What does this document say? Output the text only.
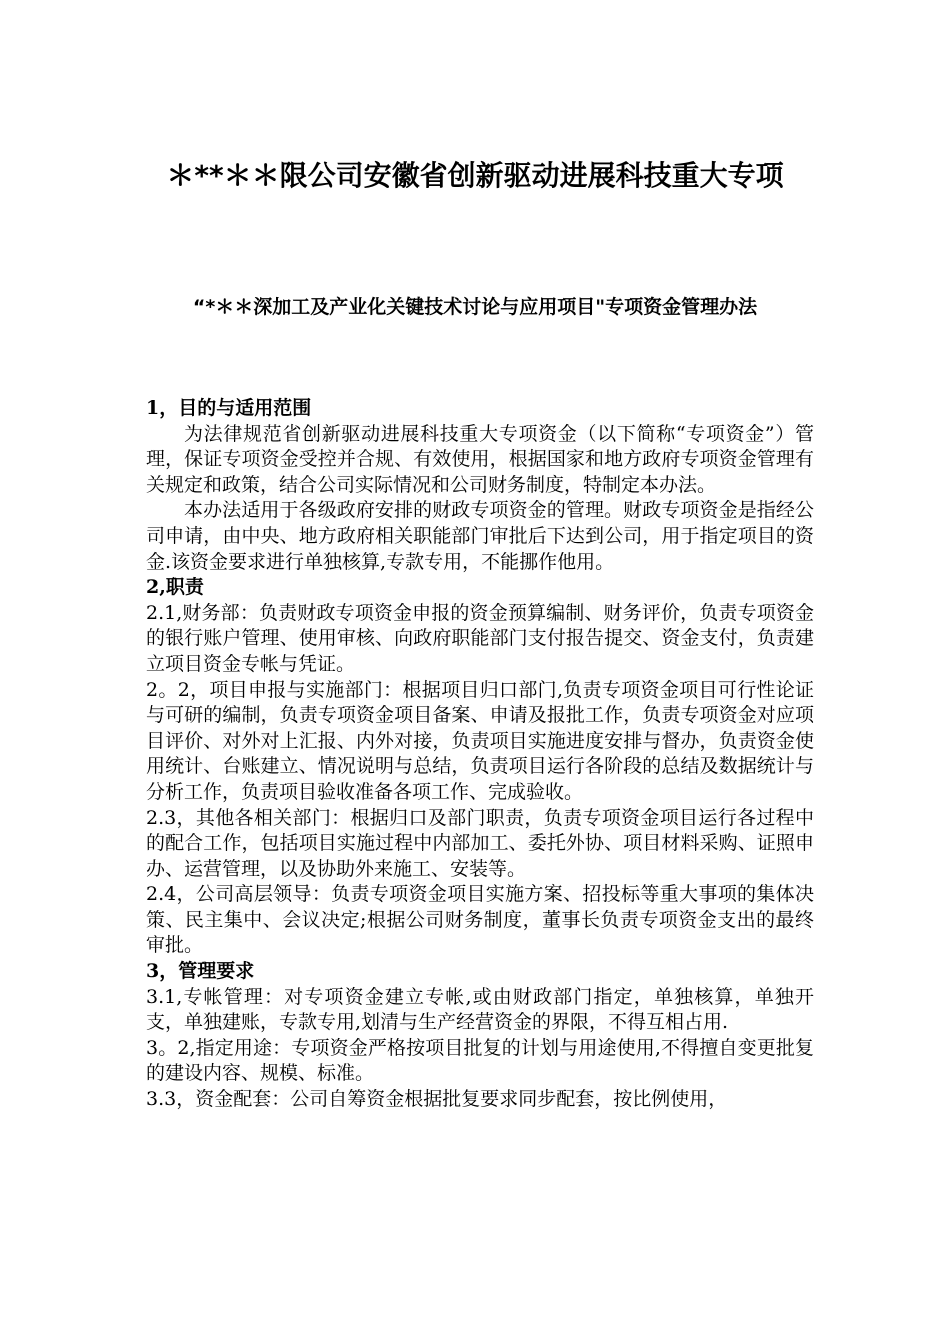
＊**＊＊限公司安徽省创新驱动进展科技重大专项
“*＊＊深加工及产业化关键技术讨论与应用项目"专项资金管理办法

1，目的与适用范围

为法律规范省创新驱动进展科技重大专项资金（以下简称“专项资金”）管理，保证专项资金受控并合规、有效使用，根据国家和地方政府专项资金管理有关规定和政策，结合公司实际情况和公司财务制度，特制定本办法。

本办法适用于各级政府安排的财政专项资金的管理。财政专项资金是指经公司申请，由中央、地方政府相关职能部门审批后下达到公司，用于指定项目的资金.该资金要求进行单独核算,专款专用，不能挪作他用。

2,职责

2.1,财务部：负责财政专项资金申报的资金预算编制、财务评价，负责专项资金的银行账户管理、使用审核、向政府职能部门支付报告提交、资金支付，负责建立项目资金专帐与凭证。

2。2，项目申报与实施部门：根据项目归口部门,负责专项资金项目可行性论证与可研的编制，负责专项资金项目备案、申请及报批工作，负责专项资金对应项目评价、对外对上汇报、内外对接，负责项目实施进度安排与督办，负责资金使用统计、台账建立、情况说明与总结，负责项目运行各阶段的总结及数据统计与分析工作，负责项目验收准备各项工作、完成验收。

2.3，其他各相关部门：根据归口及部门职责，负责专项资金项目运行各过程中的配合工作，包括项目实施过程中内部加工、委托外协、项目材料采购、证照申办、运营管理，以及协助外来施工、安装等。

2.4，公司高层领导：负责专项资金项目实施方案、招投标等重大事项的集体决策、民主集中、会议决定;根据公司财务制度，董事长负责专项资金支出的最终审批。

3，管理要求

3.1,专帐管理：对专项资金建立专帐,或由财政部门指定，单独核算，单独开支，单独建账，专款专用,划清与生产经营资金的界限，不得互相占用.

3。2,指定用途：专项资金严格按项目批复的计划与用途使用,不得擅自变更批复的建设内容、规模、标准。

3.3，资金配套：公司自筹资金根据批复要求同步配套，按比例使用，
